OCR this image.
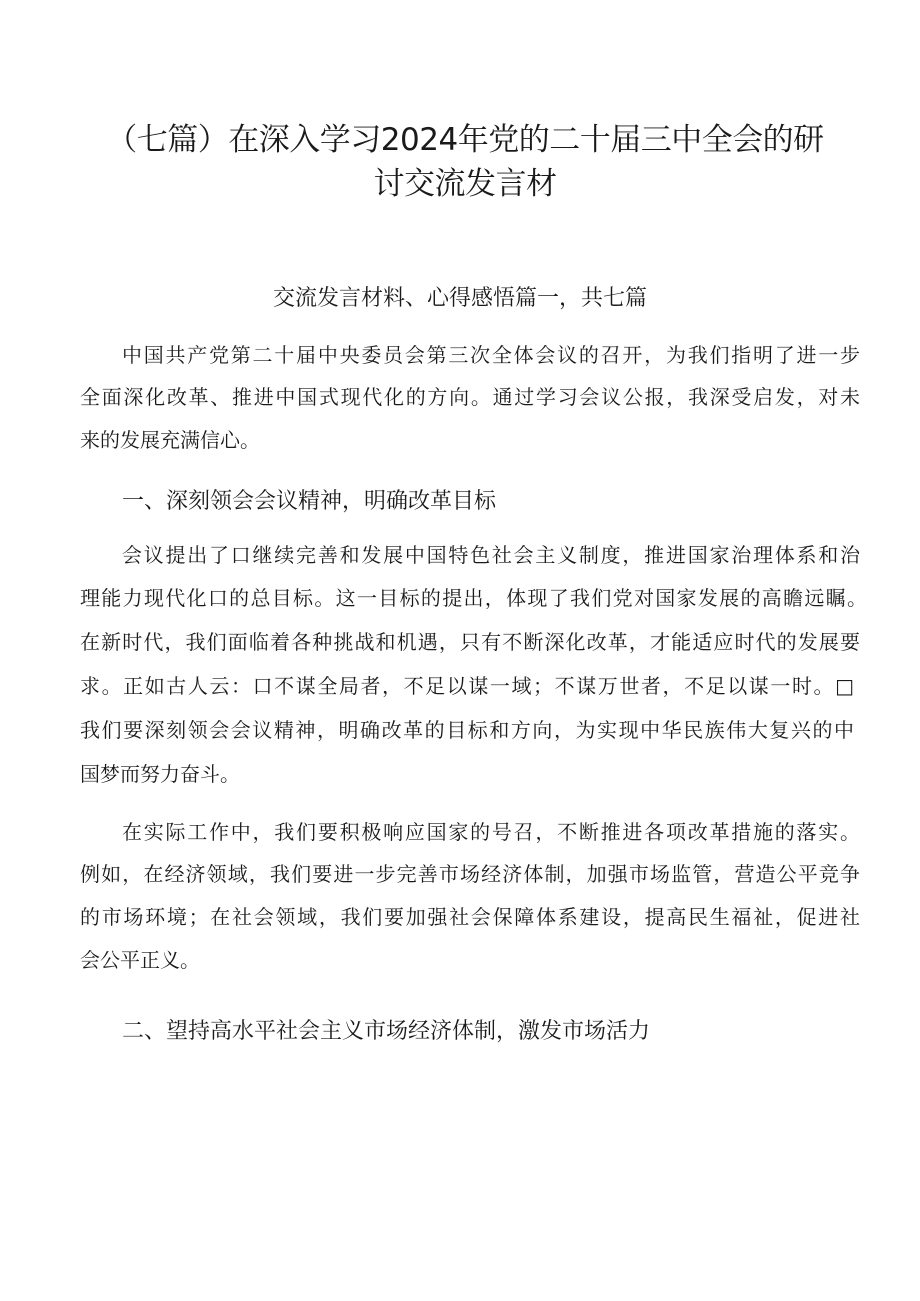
（七篇）在深入学习2024年党的二十届三中全会的研
讨交流发言材
交流发言材料、心得感悟篇一，共七篇
中国共产党第二十届中央委员会第三次全体会议的召开，为我们指明了进一步
全面深化改革、推进中国式现代化的方向。通过学习会议公报，我深受启发，对未
来的发展充满信心。
一、深刻领会会议精神，明确改革目标
会议提出了口继续完善和发展中国特色社会主义制度，推进国家治理体系和治
理能力现代化口的总目标。这一目标的提出，体现了我们党对国家发展的高瞻远瞩。
在新时代，我们面临着各种挑战和机遇，只有不断深化改革，才能适应时代的发展要
求。正如古人云：口不谋全局者，不足以谋一域；不谋万世者，不足以谋一时。□
我们要深刻领会会议精神，明确改革的目标和方向，为实现中华民族伟大复兴的中
国梦而努力奋斗。
在实际工作中，我们要积极响应国家的号召，不断推进各项改革措施的落实。
例如，在经济领域，我们要进一步完善市场经济体制，加强市场监管，营造公平竞争
的市场环境；在社会领域，我们要加强社会保障体系建设，提高民生福祉，促进社
会公平正义。
二、望持高水平社会主义市场经济体制，激发市场活力
